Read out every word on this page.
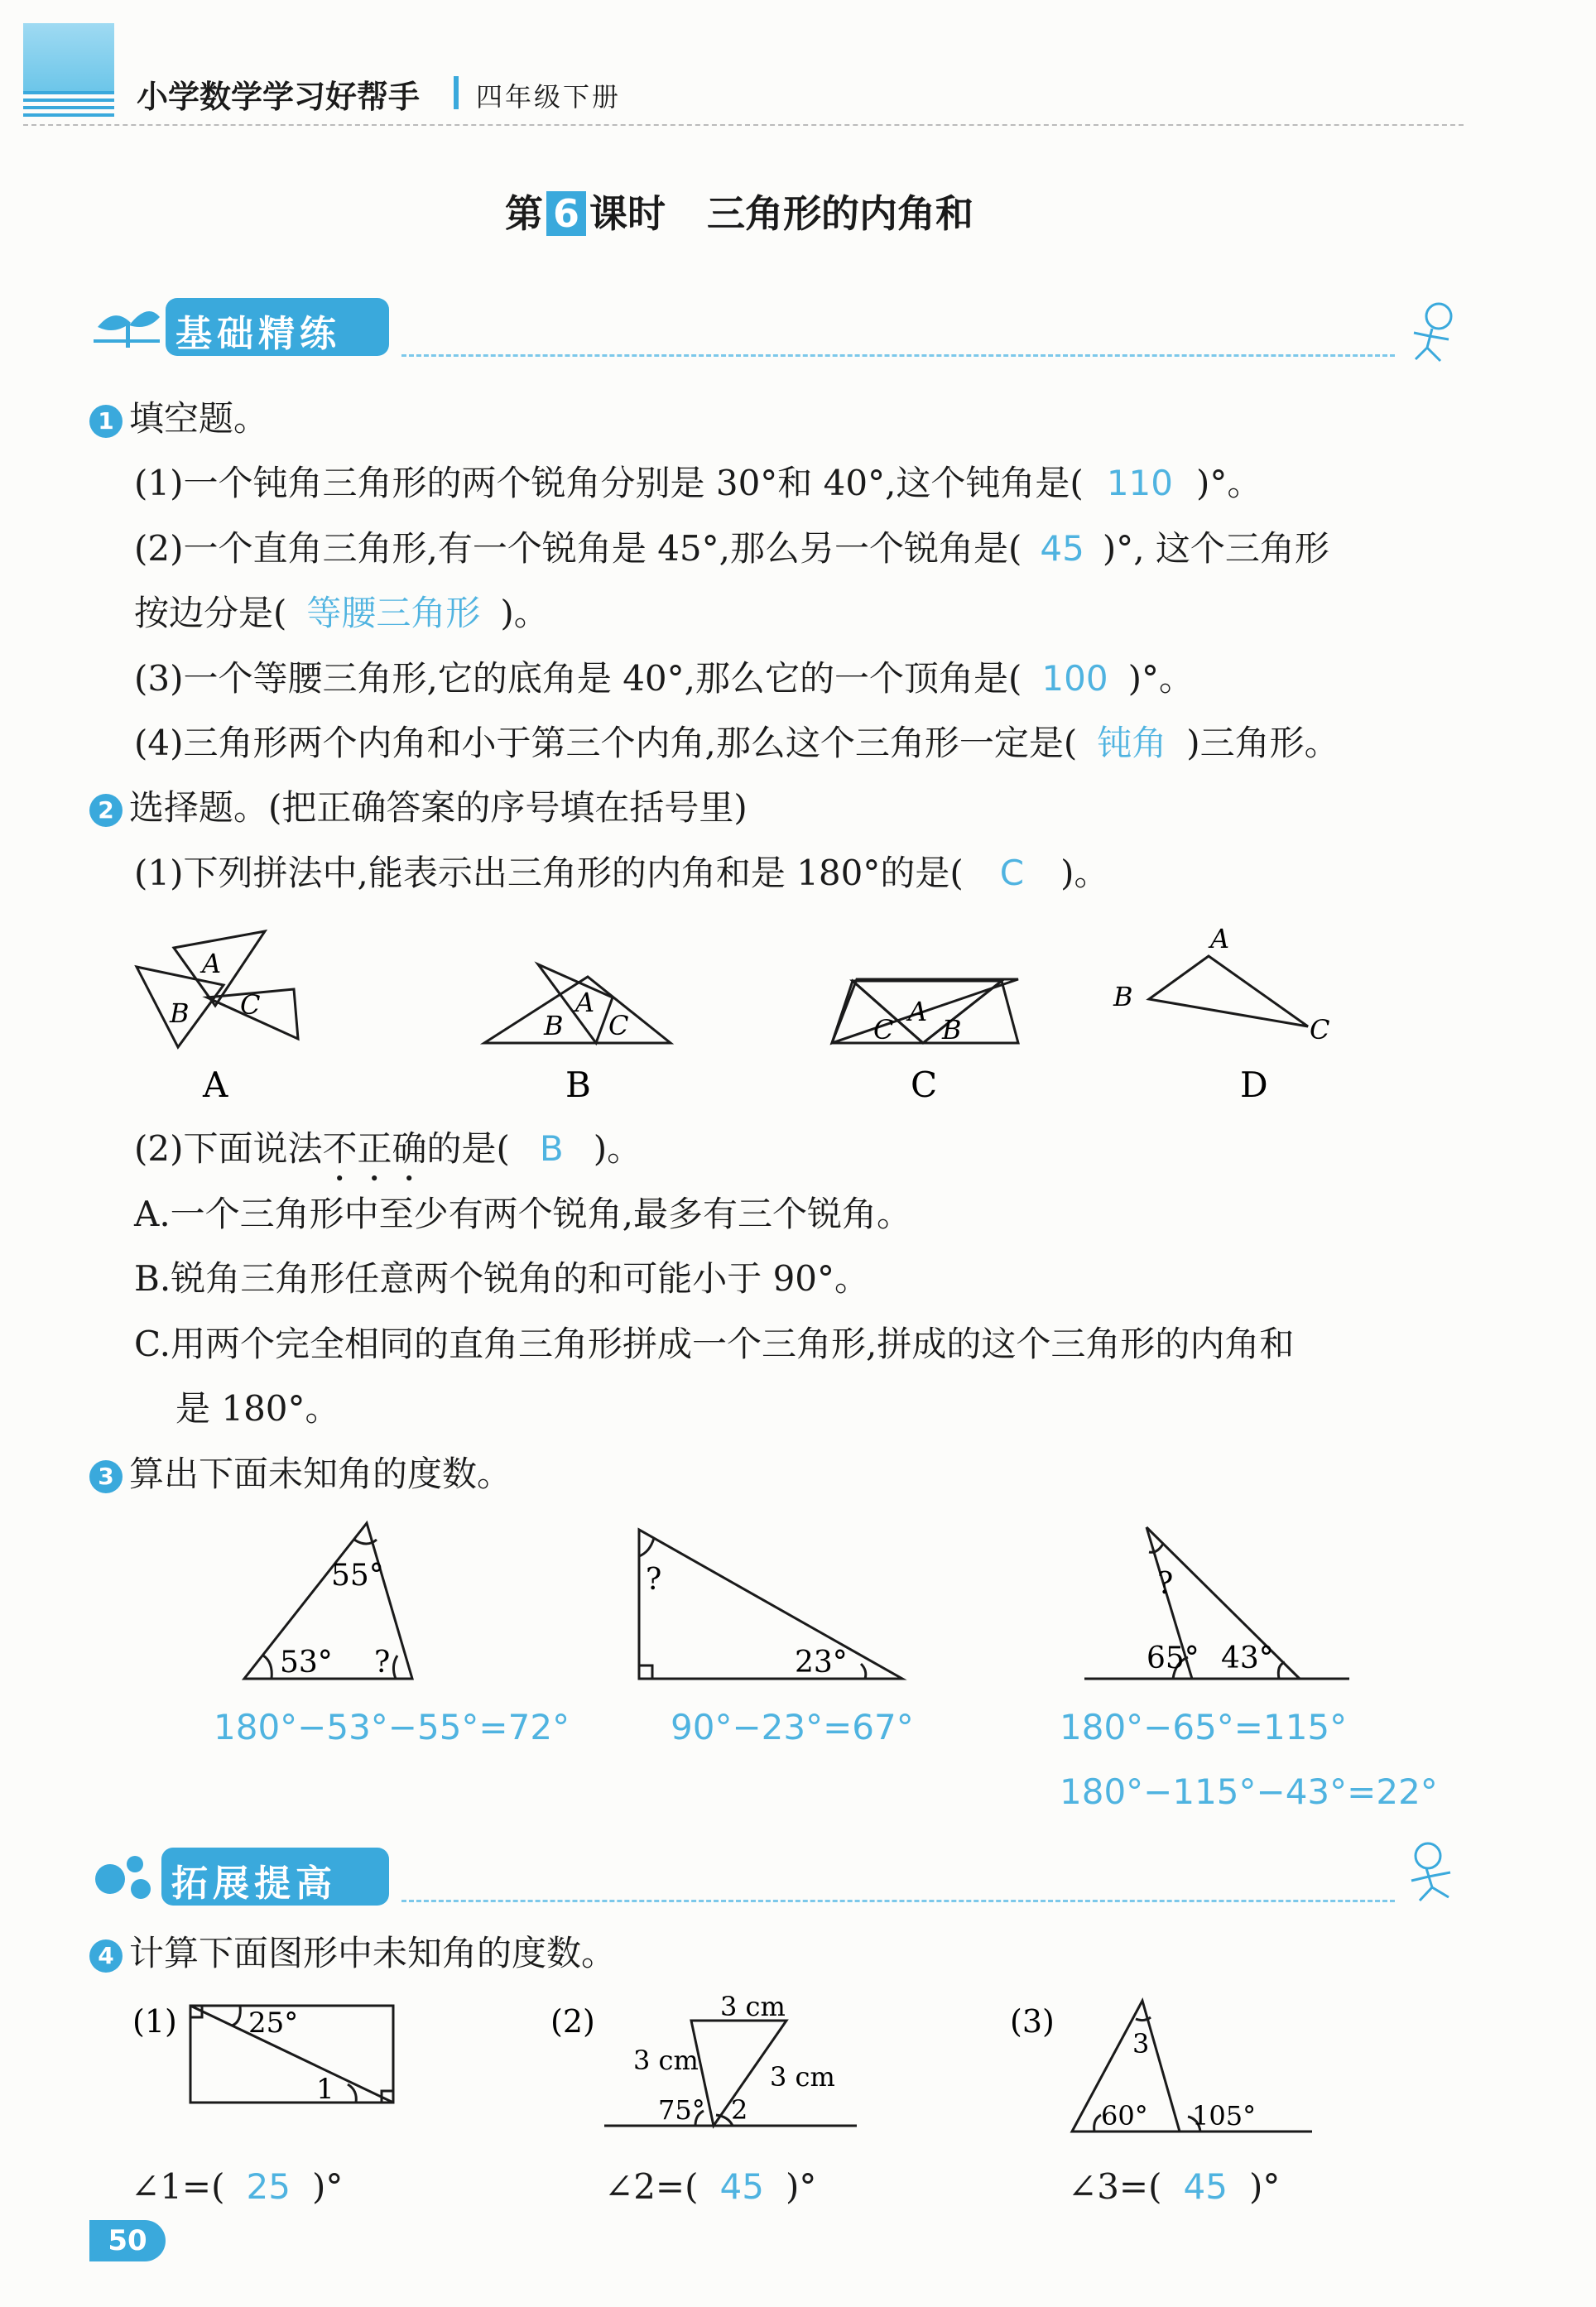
小学数学学习好帮手 四年级下册
第 6 课时 三角形的内角和
基础精练
1 填空题。
(1)一个钝角三角形的两个锐角分别是 30°和 40°,这个钝角是( 110 )°。
(2)一个直角三角形,有一个锐角是 45°,那么另一个锐角是( 45 )°, 这个三角形
按边分是( 等腰三角形 )。
(3)一个等腰三角形,它的底角是 40°,那么它的一个顶角是( 100 )°。
(4)三角形两个内角和小于第三个内角,那么这个三角形一定是( 钝角 )三角形。
2 选择题。(把正确答案的序号填在括号里)
(1)下列拼法中,能表示出三角形的内角和是 180°的是( C )。
A
B C
B
A
C	C
A
B
A
B
C
A	B	C	D
(2)下面说法不正确的是( B )。
A.一个三角形中至少有两个锐角,最多有三个锐角。
B.锐角三角形任意两个锐角的和可能小于 90°。
C.用两个完全相同的直角三角形拼成一个三角形,拼成的这个三角形的内角和
是 180°。
3 算出下面未知角的度数。
55°
53° ?
?
23°
?
65° 43°
180°−53°−55°=72°	90°−23°=67°	180°−65°=115°
180°−115°−43°=22°
拓展提高
4 计算下面图形中未知角的度数。
(1)	25°
1
(2)	3 cm
3 cm
3 cm
75° 2
(3)
3
60° 105°
∠1=( 25 )°	∠2=( 45 )°	∠3=( 45 )°
50
